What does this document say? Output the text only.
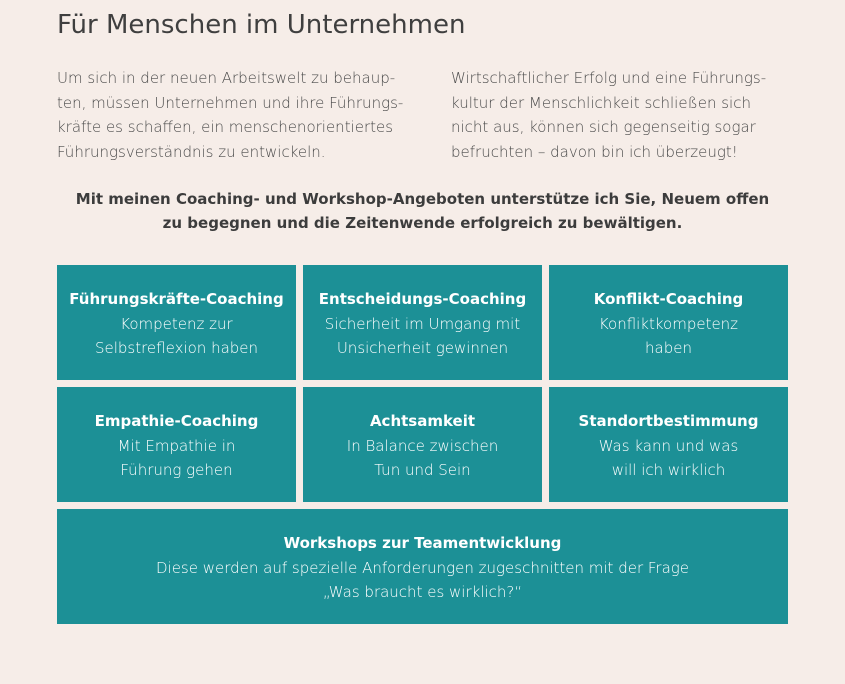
Für Menschen im Unternehmen

Um sich in der neuen Arbeitswelt zu behaup-
ten, müssen Unternehmen und ihre Führungs-
kräfte es schaffen, ein menschenorientiertes
Führungsverständnis zu entwickeln.

Wirtschaftlicher Erfolg und eine Führungs-
kultur der Menschlichkeit schließen sich
nicht aus, können sich gegenseitig sogar
befruchten – davon bin ich überzeugt!

Mit meinen Coaching- und Workshop-Angeboten unterstütze ich Sie, Neuem offen
zu begegnen und die Zeitenwende erfolgreich zu bewältigen.

Führungskräfte-Coaching
Kompetenz zur
Selbstreflexion haben
Entscheidungs-Coaching
Sicherheit im Umgang mit
Unsicherheit gewinnen
Konflikt-Coaching
Konfliktkompetenz
haben
Empathie-Coaching
Mit Empathie in
Führung gehen
Achtsamkeit
In Balance zwischen
Tun und Sein
Standortbestimmung
Was kann und was
will ich wirklich
Workshops zur Teamentwicklung
Diese werden auf spezielle Anforderungen zugeschnitten mit der Frage
„Was braucht es wirklich?“
